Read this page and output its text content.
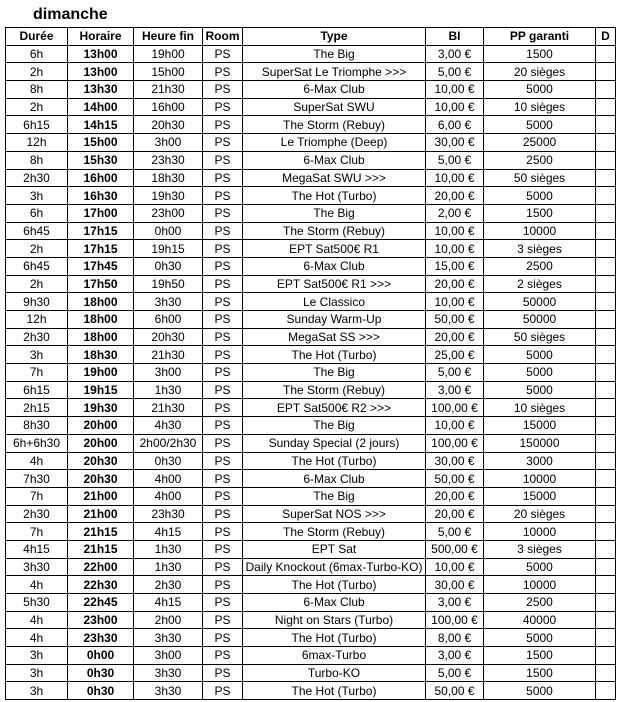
dimanche
Durée	Horaire	Heure fin	Room	Type	BI	PP garanti	D
6h	13h00	19h00	PS	The Big	3,00 €	1500	
2h	13h00	15h00	PS	SuperSat Le Triomphe >>>	5,00 €	20 sièges	
8h	13h30	21h30	PS	6-Max Club	10,00 €	5000	
2h	14h00	16h00	PS	SuperSat SWU	10,00 €	10 sièges	
6h15	14h15	20h30	PS	The Storm (Rebuy)	6,00 €	5000	
12h	15h00	3h00	PS	Le Triomphe (Deep)	30,00 €	25000	
8h	15h30	23h30	PS	6-Max Club	5,00 €	2500	
2h30	16h00	18h30	PS	MegaSat SWU >>>	10,00 €	50 sièges	
3h	16h30	19h30	PS	The Hot (Turbo)	20,00 €	5000	
6h	17h00	23h00	PS	The Big	2,00 €	1500	
6h45	17h15	0h00	PS	The Storm (Rebuy)	10,00 €	10000	
2h	17h15	19h15	PS	EPT Sat500€ R1	10,00 €	3 sièges	
6h45	17h45	0h30	PS	6-Max Club	15,00 €	2500	
2h	17h50	19h50	PS	EPT Sat500€ R1 >>>	20,00 €	2 sièges	
9h30	18h00	3h30	PS	Le Classico	10,00 €	50000	
12h	18h00	6h00	PS	Sunday Warm-Up	50,00 €	50000	
2h30	18h00	20h30	PS	MegaSat SS >>>	20,00 €	50 sièges	
3h	18h30	21h30	PS	The Hot (Turbo)	25,00 €	5000	
7h	19h00	3h00	PS	The Big	5,00 €	5000	
6h15	19h15	1h30	PS	The Storm (Rebuy)	3,00 €	5000	
2h15	19h30	21h30	PS	EPT Sat500€ R2 >>>	100,00 €	10 sièges	
8h30	20h00	4h30	PS	The Big	10,00 €	15000	
6h+6h30	20h00	2h00/2h30	PS	Sunday Special (2 jours)	100,00 €	150000	
4h	20h30	0h30	PS	The Hot (Turbo)	30,00 €	3000	
7h30	20h30	4h00	PS	6-Max Club	50,00 €	10000	
7h	21h00	4h00	PS	The Big	20,00 €	15000	
2h30	21h00	23h30	PS	SuperSat NOS >>>	20,00 €	20 sièges	
7h	21h15	4h15	PS	The Storm (Rebuy)	5,00 €	10000	
4h15	21h15	1h30	PS	EPT Sat	500,00 €	3 sièges	
3h30	22h00	1h30	PS	Daily Knockout (6max-Turbo-KO)	10,00 €	5000	
4h	22h30	2h30	PS	The Hot (Turbo)	30,00 €	10000	
5h30	22h45	4h15	PS	6-Max Club	3,00 €	2500	
4h	23h00	2h00	PS	Night on Stars (Turbo)	100,00 €	40000	
4h	23h30	3h30	PS	The Hot (Turbo)	8,00 €	5000	
3h	0h00	3h00	PS	6max-Turbo	3,00 €	1500	
3h	0h30	3h30	PS	Turbo-KO	5,00 €	1500	
3h	0h30	3h30	PS	The Hot (Turbo)	50,00 €	5000	
